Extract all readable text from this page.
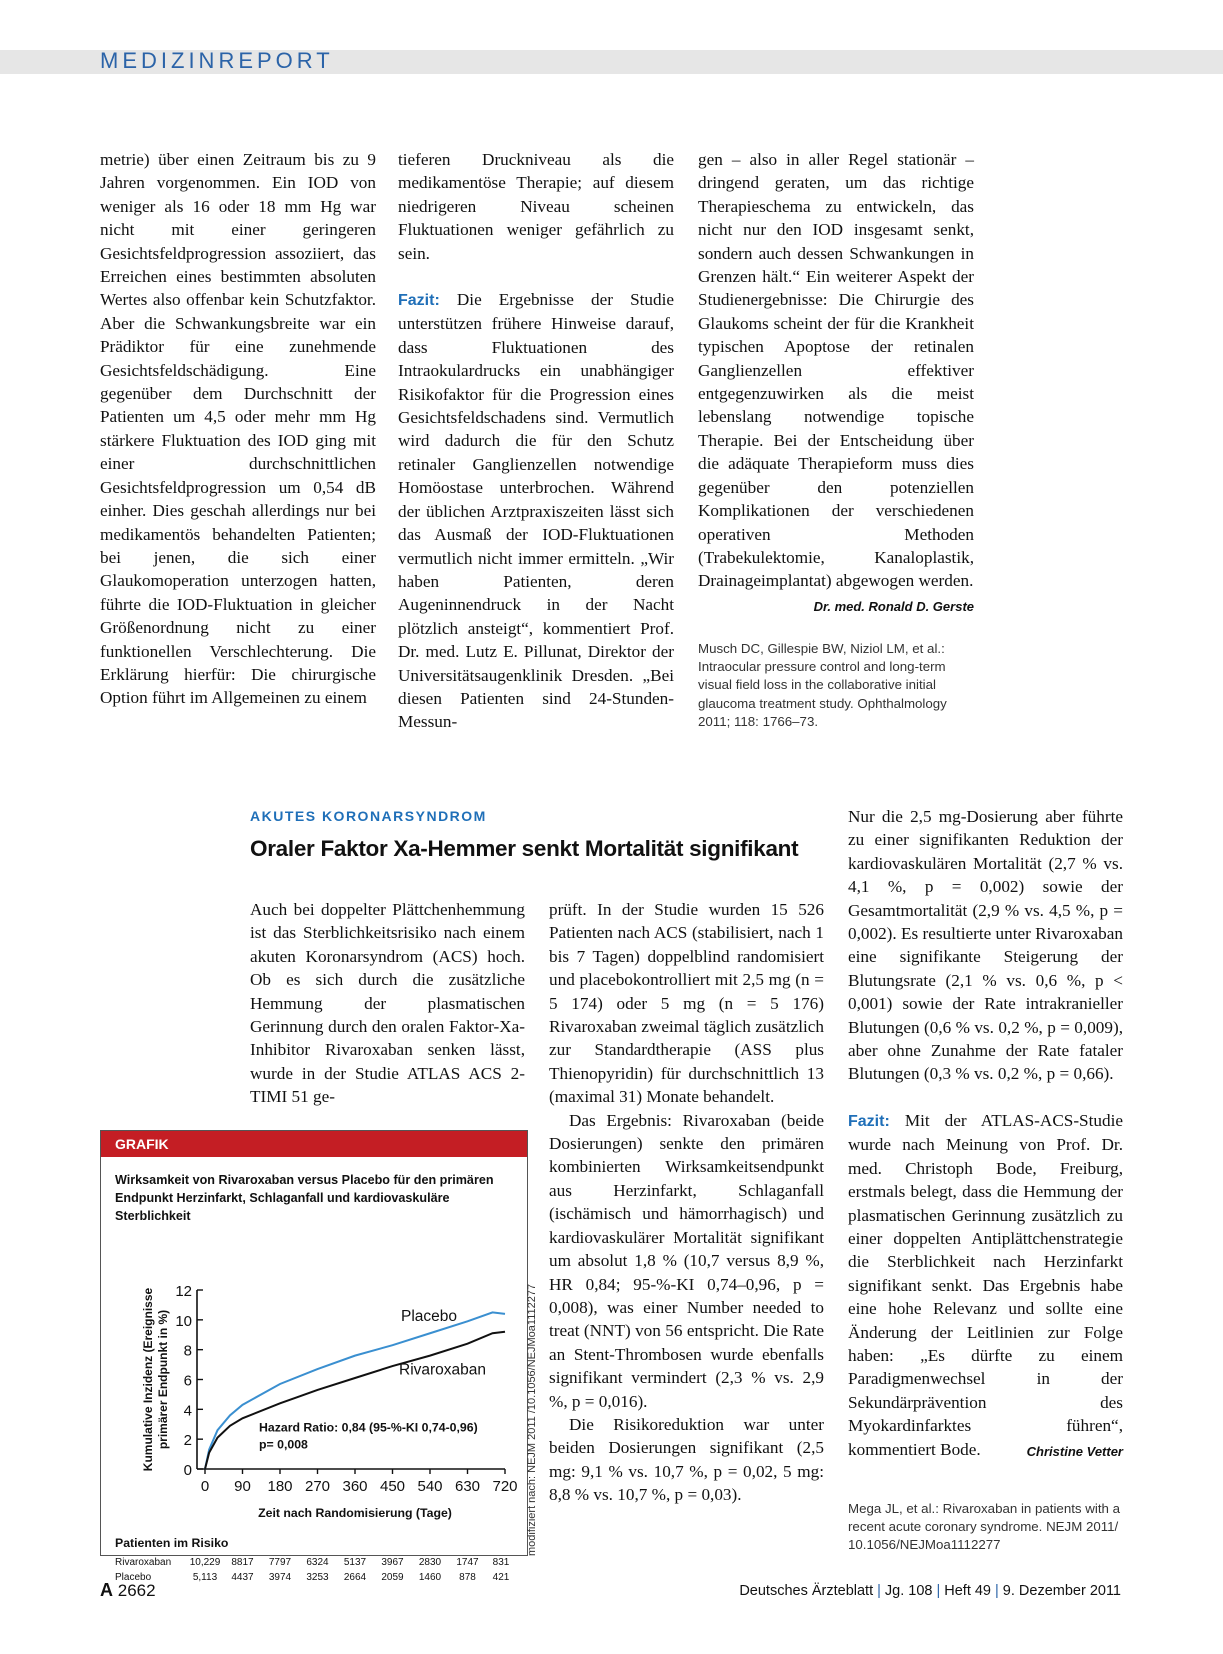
MEDIZINREPORT

metrie) über einen Zeitraum bis zu 9 Jahren vorgenommen. Ein IOD von weniger als 16 oder 18 mm Hg war nicht mit einer geringeren Gesichtsfeldprogression assoziiert, das Erreichen eines bestimmten absoluten Wertes also offenbar kein Schutzfaktor. Aber die Schwankungsbreite war ein Prädiktor für eine zunehmende Gesichtsfeldschädigung. Eine gegenüber dem Durchschnitt der Patienten um 4,5 oder mehr mm Hg stärkere Fluktuation des IOD ging mit einer durchschnittlichen Gesichtsfeldprogression um 0,54 dB einher. Dies geschah allerdings nur bei medikamentös behandelten Patienten; bei jenen, die sich einer Glaukomoperation unterzogen hatten, führte die IOD-Fluktuation in gleicher Größenordnung nicht zu einer funktionellen Verschlechterung. Die Erklärung hierfür: Die chirurgische Option führt im Allgemeinen zu einem

tieferen Druckniveau als die medikamentöse Therapie; auf diesem niedrigeren Niveau scheinen Fluktuationen weniger gefährlich zu sein.

Fazit: Die Ergebnisse der Studie unterstützen frühere Hinweise darauf, dass Fluktuationen des Intraokulardrucks ein unabhängiger Risikofaktor für die Progression eines Gesichtsfeldschadens sind. Vermutlich wird dadurch die für den Schutz retinaler Ganglienzellen notwendige Homöostase unterbrochen. Während der üblichen Arztpraxiszeiten lässt sich das Ausmaß der IOD-Fluktuationen vermutlich nicht immer ermitteln. „Wir haben Patienten, deren Augeninnendruck in der Nacht plötzlich ansteigt“, kommentiert Prof. Dr. med. Lutz E. Pillunat, Direktor der Universitätsaugenklinik Dresden. „Bei diesen Patienten sind 24-Stunden-Messun-

gen – also in aller Regel stationär – dringend geraten, um das richtige Therapieschema zu entwickeln, das nicht nur den IOD insgesamt senkt, sondern auch dessen Schwankungen in Grenzen hält.“ Ein weiterer Aspekt der Studienergebnisse: Die Chirurgie des Glaukoms scheint der für die Krankheit typischen Apoptose der retinalen Ganglienzellen effektiver entgegenzuwirken als die meist lebenslang notwendige topische Therapie. Bei der Entscheidung über die adäquate Therapieform muss dies gegenüber den potenziellen Komplikationen der verschiedenen operativen Methoden (Trabekulektomie, Kanaloplastik, Drainageimplantat) abgewogen werden.
Dr. med. Ronald D. Gerste

Musch DC, Gillespie BW, Niziol LM, et al.: Intraocular pressure control and long-term visual field loss in the collaborative initial glaucoma treatment study. Ophthalmology 2011; 118: 1766–73.
AKUTES KORONARSYNDROM
Oraler Faktor Xa-Hemmer senkt Mortalität signifikant

Auch bei doppelter Plättchenhemmung ist das Sterblichkeitsrisiko nach einem akuten Koronarsyndrom (ACS) hoch. Ob es sich durch die zusätzliche Hemmung der plasmatischen Gerinnung durch den oralen Faktor-Xa-Inhibitor Rivaroxaban senken lässt, wurde in der Studie ATLAS ACS 2-TIMI 51 ge-

prüft. In der Studie wurden 15 526 Patienten nach ACS (stabilisiert, nach 1 bis 7 Tagen) doppelblind randomisiert und placebokontrolliert mit 2,5 mg (n = 5 174) oder 5 mg (n = 5 176) Rivaroxaban zweimal täglich zusätzlich zur Standardtherapie (ASS plus Thienopyridin) für durchschnittlich 13 (maximal 31) Monate behandelt.

Das Ergebnis: Rivaroxaban (beide Dosierungen) senkte den primären kombinierten Wirksamkeitsendpunkt aus Herzinfarkt, Schlaganfall (ischämisch und hämorrhagisch) und kardiovaskulärer Mortalität signifikant um absolut 1,8 % (10,7 versus 8,9 %, HR 0,84; 95-%-KI 0,74–0,96, p = 0,008), was einer Number needed to treat (NNT) von 56 entspricht. Die Rate an Stent-Thrombosen wurde ebenfalls signifikant vermindert (2,3 % vs. 2,9 %, p = 0,016).

Die Risikoreduktion war unter beiden Dosierungen signifikant (2,5 mg: 9,1 % vs. 10,7 %, p = 0,02, 5 mg: 8,8 % vs. 10,7 %, p = 0,03).

Nur die 2,5 mg-Dosierung aber führte zu einer signifikanten Reduktion der kardiovaskulären Mortalität (2,7 % vs. 4,1 %, p = 0,002) sowie der Gesamtmortalität (2,9 % vs. 4,5 %, p = 0,002). Es resultierte unter Rivaroxaban eine signifikante Steigerung der Blutungsrate (2,1 % vs. 0,6 %, p < 0,001) sowie der Rate intrakranieller Blutungen (0,6 % vs. 0,2 %, p = 0,009), aber ohne Zunahme der Rate fataler Blutungen (0,3 % vs. 0,2 %, p = 0,66).

Fazit: Mit der ATLAS-ACS-Studie wurde nach Meinung von Prof. Dr. med. Christoph Bode, Freiburg, erstmals belegt, dass die Hemmung der plasmatischen Gerinnung zusätzlich zu einer doppelten Antiplättchenstrategie die Sterblichkeit nach Herzinfarkt signifikant senkt. Das Ergebnis habe eine hohe Relevanz und sollte eine Änderung der Leitlinien zur Folge haben: „Es dürfte zu einem Paradigmenwechsel in der Sekundärprävention des Myokardinfarktes führen“, kommentiert Bode.	Christine Vetter

Mega JL, et al.: Rivaroxaban in patients with a recent acute coronary syndrome. NEJM 2011/ 10.1056/NEJMoa1112277
GRAFIK
Wirksamkeit von Rivaroxaban versus Placebo für den primären Endpunkt Herzinfarkt, Schlaganfall und kardiovaskuläre Sterblichkeit
0
2
4
6
8
10
12
0 90 180 270 360 450 540 630 720
Placebo
Rivaroxaban
Hazard Ratio: 0,84 (95-%-KI 0,74-0,96)
p= 0,008
Zeit nach Randomisierung (Tage)
Kumulative Inzidenz (Ereignisse primärer Endpunkt in %)
Patienten im Risiko
Rivaroxaban 10,229 8817 7797 6324 5137 3967 2830 1747 831
Placebo	5,113 4437 3974 3253 2664 2059 1460 878 421
modifiziert nach: NEJM 2011 /10.1056/NEJMoa1112277
A 2662	Deutsches Ärzteblatt | Jg. 108 | Heft 49 | 9. Dezember 2011
